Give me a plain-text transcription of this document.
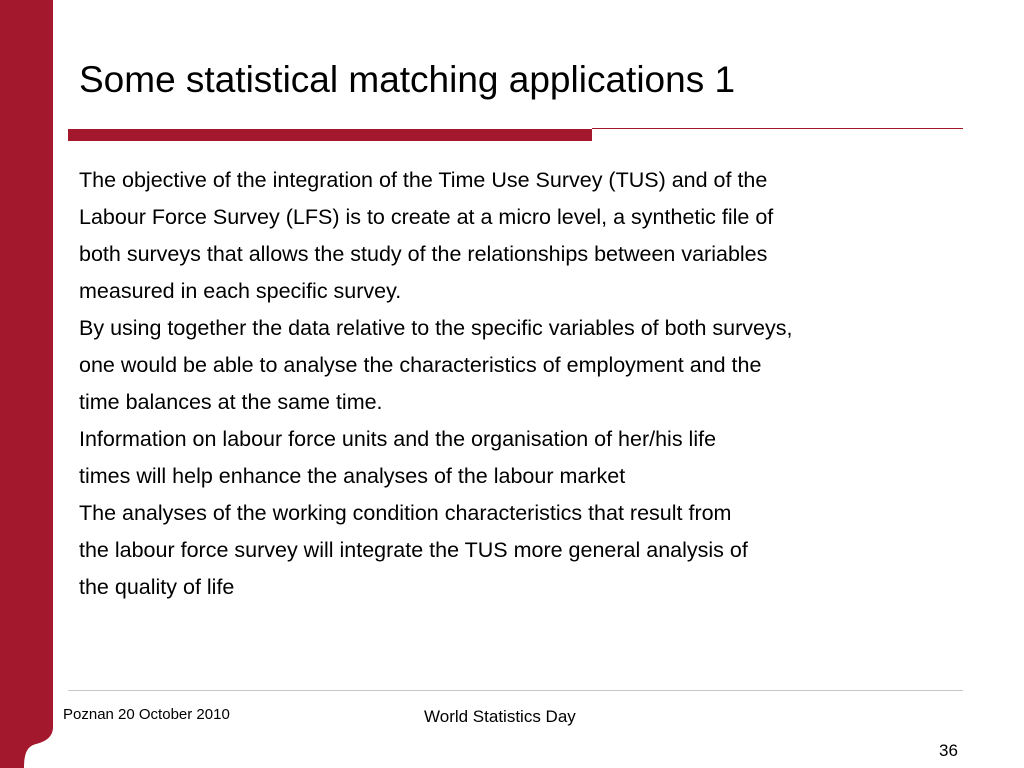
Some statistical matching applications 1
The objective of the integration of the Time Use Survey (TUS) and of the
Labour Force Survey (LFS) is to create at a micro level, a synthetic file of
both surveys that allows the study of the relationships between variables
measured in each specific survey.
By using together the data relative to the specific variables of both surveys,
one would be able to analyse the characteristics of employment and the
time balances at the same time.
Information on labour force units and the organisation of her/his life
times will help enhance the analyses of the labour market
The analyses of the working condition characteristics that result from
the labour force survey will integrate the TUS more general analysis of
the quality of life
Poznan 20 October 2010	World Statistics Day
36
